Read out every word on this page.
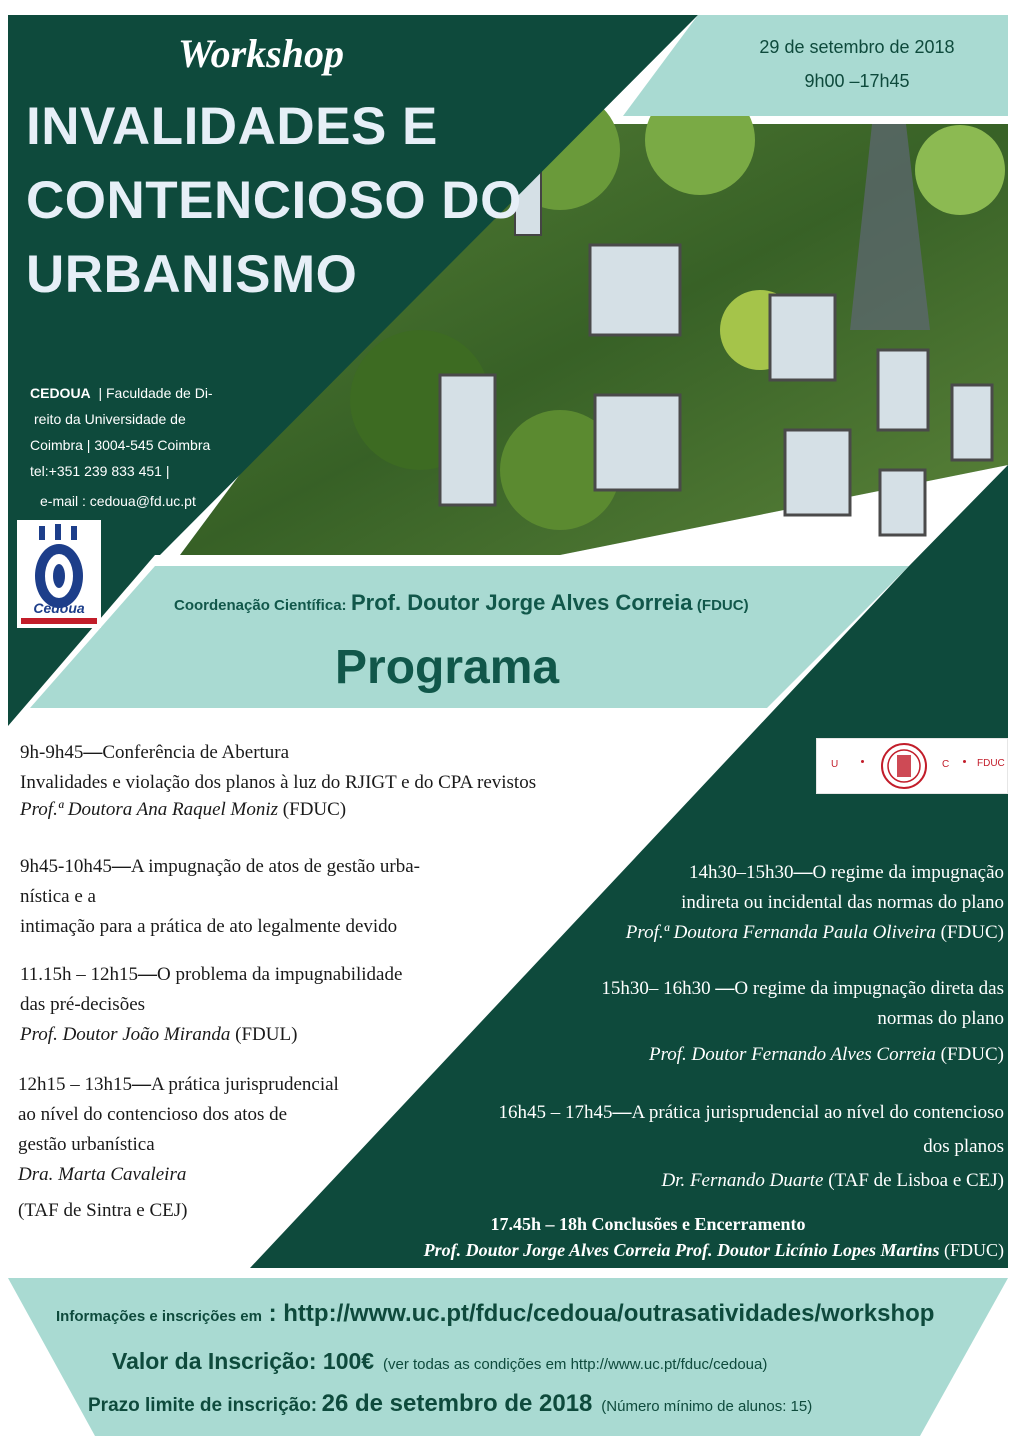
Workshop
INVALIDADES E
CONTENCIOSO DO
URBANISMO
29 de setembro de 2018
9h00 –17h45
CEDOUA | Faculdade de Di-
reito da Universidade de
Coimbra | 3004-545 Coimbra
tel:+351 239 833 451 |
e-mail : cedoua@fd.uc.pt
Cedoua	Coordenação Científica: Prof. Doutor Jorge Alves Correia (FDUC)
Programa
U	C	FDUC
9h-9h45—Conferência de Abertura
Invalidades e violação dos planos à luz do RJIGT e do CPA revistos
Prof.ª Doutora Ana Raquel Moniz (FDUC)
9h45-10h45—A impugnação de atos de gestão urba-
nística e a
intimação para a prática de ato legalmente devido
11.15h – 12h15—O problema da impugnabilidade
das pré-decisões
Prof. Doutor João Miranda (FDUL)
12h15 – 13h15—A prática jurisprudencial
ao nível do contencioso dos atos de
gestão urbanística
Dra. Marta Cavaleira
(TAF de Sintra e CEJ)
14h30–15h30—O regime da impugnação
indireta ou incidental das normas do plano
Prof.ª Doutora Fernanda Paula Oliveira (FDUC)
15h30– 16h30 —O regime da impugnação direta das
normas do plano
Prof. Doutor Fernando Alves Correia (FDUC)
16h45 – 17h45—A prática jurisprudencial ao nível do contencioso
dos planos
Dr. Fernando Duarte (TAF de Lisboa e CEJ)
17.45h – 18h Conclusões e Encerramento
Prof. Doutor Jorge Alves Correia Prof. Doutor Licínio Lopes Martins (FDUC)
Informações e inscrições em : http://www.uc.pt/fduc/cedoua/outrasatividades/workshop
Valor da Inscrição: 100€ (ver todas as condições em http://www.uc.pt/fduc/cedoua)
Prazo limite de inscrição: 26 de setembro de 2018 (Número mínimo de alunos: 15)
